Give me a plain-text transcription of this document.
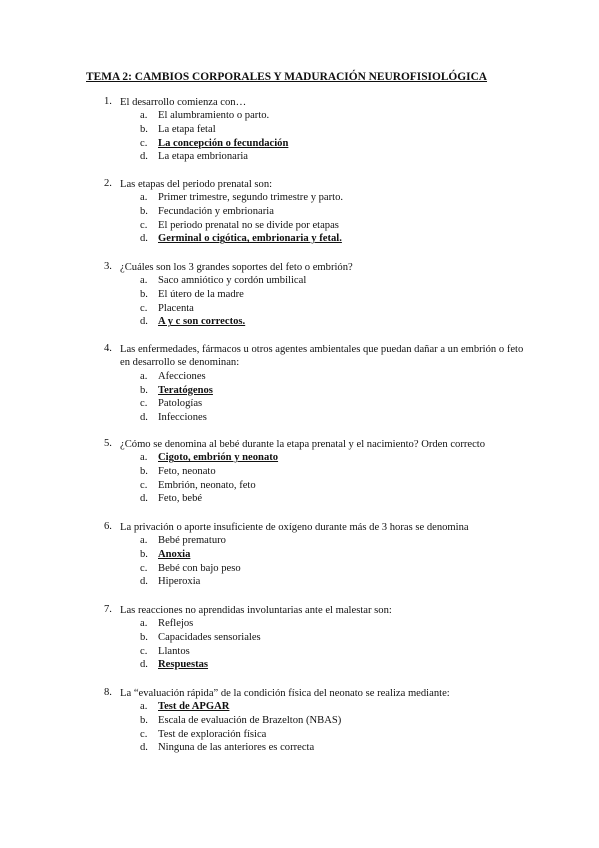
TEMA 2: CAMBIOS CORPORALES Y MADURACIÓN NEUROFISIOLÓGICA
1. El desarrollo comienza con…
a. El alumbramiento o parto.
b. La etapa fetal
c. La concepción o fecundación
d. La etapa embrionaria
2. Las etapas del periodo prenatal son:
a. Primer trimestre, segundo trimestre y parto.
b. Fecundación y embrionaria
c. El periodo prenatal no se divide por etapas
d. Germinal o cigótica, embrionaria y fetal.
3. ¿Cuáles son los 3 grandes soportes del feto o embrión?
a. Saco amniótico y cordón umbilical
b. El útero de la madre
c. Placenta
d. A y c son correctos.
4. Las enfermedades, fármacos u otros agentes ambientales que puedan dañar a un embrión o feto en desarrollo se denominan:
a. Afecciones
b. Teratógenos
c. Patologías
d. Infecciones
5. ¿Cómo se denomina al bebé durante la etapa prenatal y el nacimiento? Orden correcto
a. Cigoto, embrión y neonato
b. Feto, neonato
c. Embrión, neonato, feto
d. Feto, bebé
6. La privación o aporte insuficiente de oxígeno durante más de 3 horas se denomina
a. Bebé prematuro
b. Anoxia
c. Bebé con bajo peso
d. Hiperoxia
7. Las reacciones no aprendidas involuntarias ante el malestar son:
a. Reflejos
b. Capacidades sensoriales
c. Llantos
d. Respuestas
8. La “evaluación rápida” de la condición física del neonato se realiza mediante:
a. Test de APGAR
b. Escala de evaluación de Brazelton (NBAS)
c. Test de exploración física
d. Ninguna de las anteriores es correcta
